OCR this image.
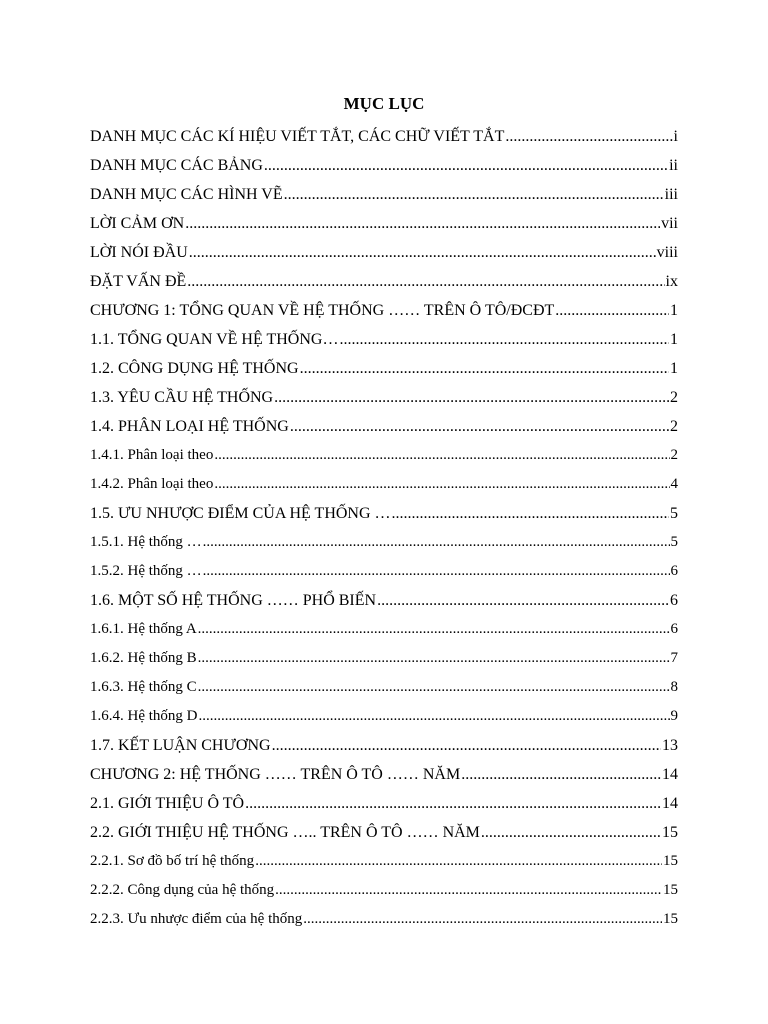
MỤC LỤC
DANH MỤC CÁC KÍ HIỆU VIẾT TẮT, CÁC CHỮ VIẾT TẮT .....	i
DANH MỤC CÁC BẢNG .....	ii
DANH MỤC CÁC HÌNH VẼ .....	iii
LỜI CẢM ƠN .....	vii
LỜI NÓI ĐẦU .....	viii
ĐẶT VẤN ĐỀ .....	ix
CHƯƠNG 1: TỔNG QUAN VỀ HỆ THỐNG …… TRÊN Ô TÔ/ĐCĐT .....	1
1.1. TỔNG QUAN VỀ HỆ THỐNG… .....	1
1.2. CÔNG DỤNG HỆ THỐNG .....	1
1.3. YÊU CẦU HỆ THỐNG .....	2
1.4. PHÂN LOẠI HỆ THỐNG .....	2
1.4.1. Phân loại theo .....	2
1.4.2. Phân loại theo .....	4
1.5. ƯU NHƯỢC ĐIỂM CỦA HỆ THỐNG … .....	5
1.5.1. Hệ thống … .....	5
1.5.2. Hệ thống … .....	6
1.6. MỘT SỐ HỆ THỐNG …… PHỔ BIẾN .....	6
1.6.1. Hệ thống A .....	6
1.6.2. Hệ thống B .....	7
1.6.3. Hệ thống C .....	8
1.6.4. Hệ thống D .....	9
1.7. KẾT LUẬN CHƯƠNG .....	13
CHƯƠNG 2: HỆ THỐNG …… TRÊN Ô TÔ …… NĂM .....	14
2.1. GIỚI THIỆU Ô TÔ .....	14
2.2. GIỚI THIỆU HỆ THỐNG ….. TRÊN Ô TÔ …… NĂM .....	15
2.2.1. Sơ đồ bố trí hệ thống .....	15
2.2.2. Công dụng của hệ thống .....	15
2.2.3. Ưu nhược điểm của hệ thống .....	15
